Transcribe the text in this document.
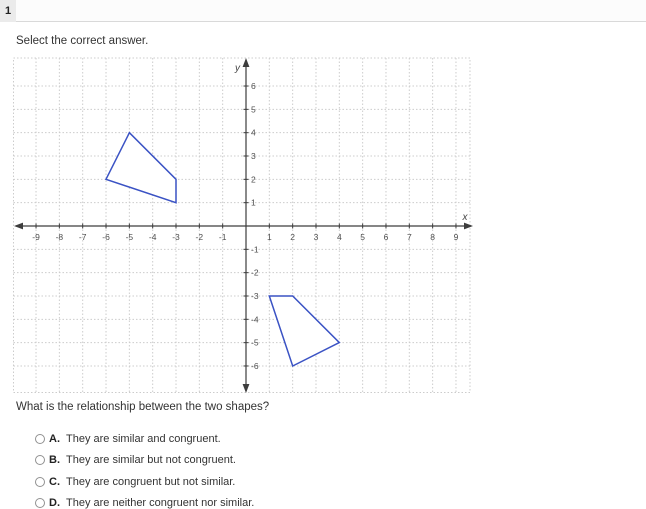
1
Select the correct answer.
-9 -8 -7 -6 -5 -4 -3 -2 -1	1 2 3 4 5 6 7 8 9
6
5
4
3
2
1
-1
-2
-3
-4
-5
-6
x
y
What is the relationship between the two shapes?
A. They are similar and congruent.
B. They are similar but not congruent.
C. They are congruent but not similar.
D. They are neither congruent nor similar.
